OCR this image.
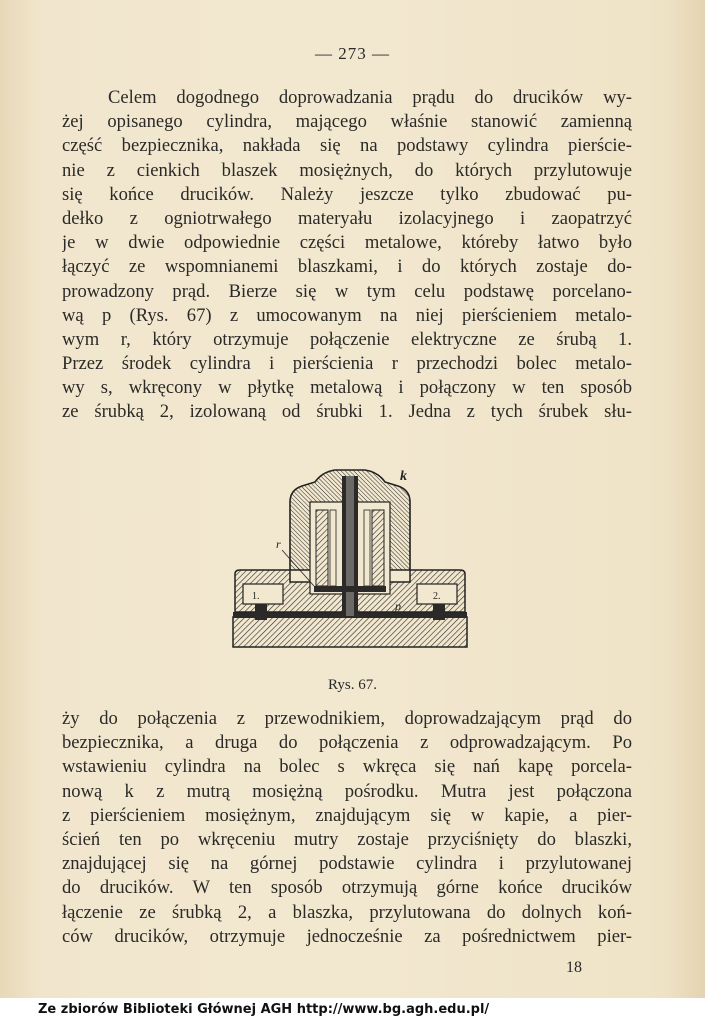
— 273 —
Celem dogodnego doprowadzania prądu do drucików wy-
żej opisanego cylindra, mającego właśnie stanowić zamienną
część bezpiecznika, nakłada się na podstawy cylindra pierście-
nie z cienkich blaszek mosiężnych, do których przylutowuje
się końce drucików. Należy jeszcze tylko zbudować pu-
dełko z ogniotrwałego materyału izolacyjnego i zaopatrzyć
je w dwie odpowiednie części metalowe, któreby łatwo było
łączyć ze wspomnianemi blaszkami, i do których zostaje do-
prowadzony prąd. Bierze się w tym celu podstawę porcelano-
wą p (Rys. 67) z umocowanym na niej pierścieniem metalo-
wym r, który otrzymuje połączenie elektryczne ze śrubą 1.
Przez środek cylindra i pierścienia r przechodzi bolec metalo-
wy s, wkręcony w płytkę metalową i połączony w ten sposób
ze śrubką 2, izolowaną od śrubki 1. Jedna z tych śrubek słu-
k
r
p
1.	2.
Rys. 67.
ży do połączenia z przewodnikiem, doprowadzającym prąd do
bezpiecznika, a druga do połączenia z odprowadzającym. Po
wstawieniu cylindra na bolec s wkręca się nań kapę porcela-
nową k z mutrą mosiężną pośrodku. Mutra jest połączona
z pierścieniem mosiężnym, znajdującym się w kapie, a pier-
ścień ten po wkręceniu mutry zostaje przyciśnięty do blaszki,
znajdującej się na górnej podstawie cylindra i przylutowanej
do drucików. W ten sposób otrzymują górne końce drucików
łączenie ze śrubką 2, a blaszka, przylutowana do dolnych koń-
ców drucików, otrzymuje jednocześnie za pośrednictwem pier-
18
Ze zbiorów Biblioteki Głównej AGH http://www.bg.agh.edu.pl/
